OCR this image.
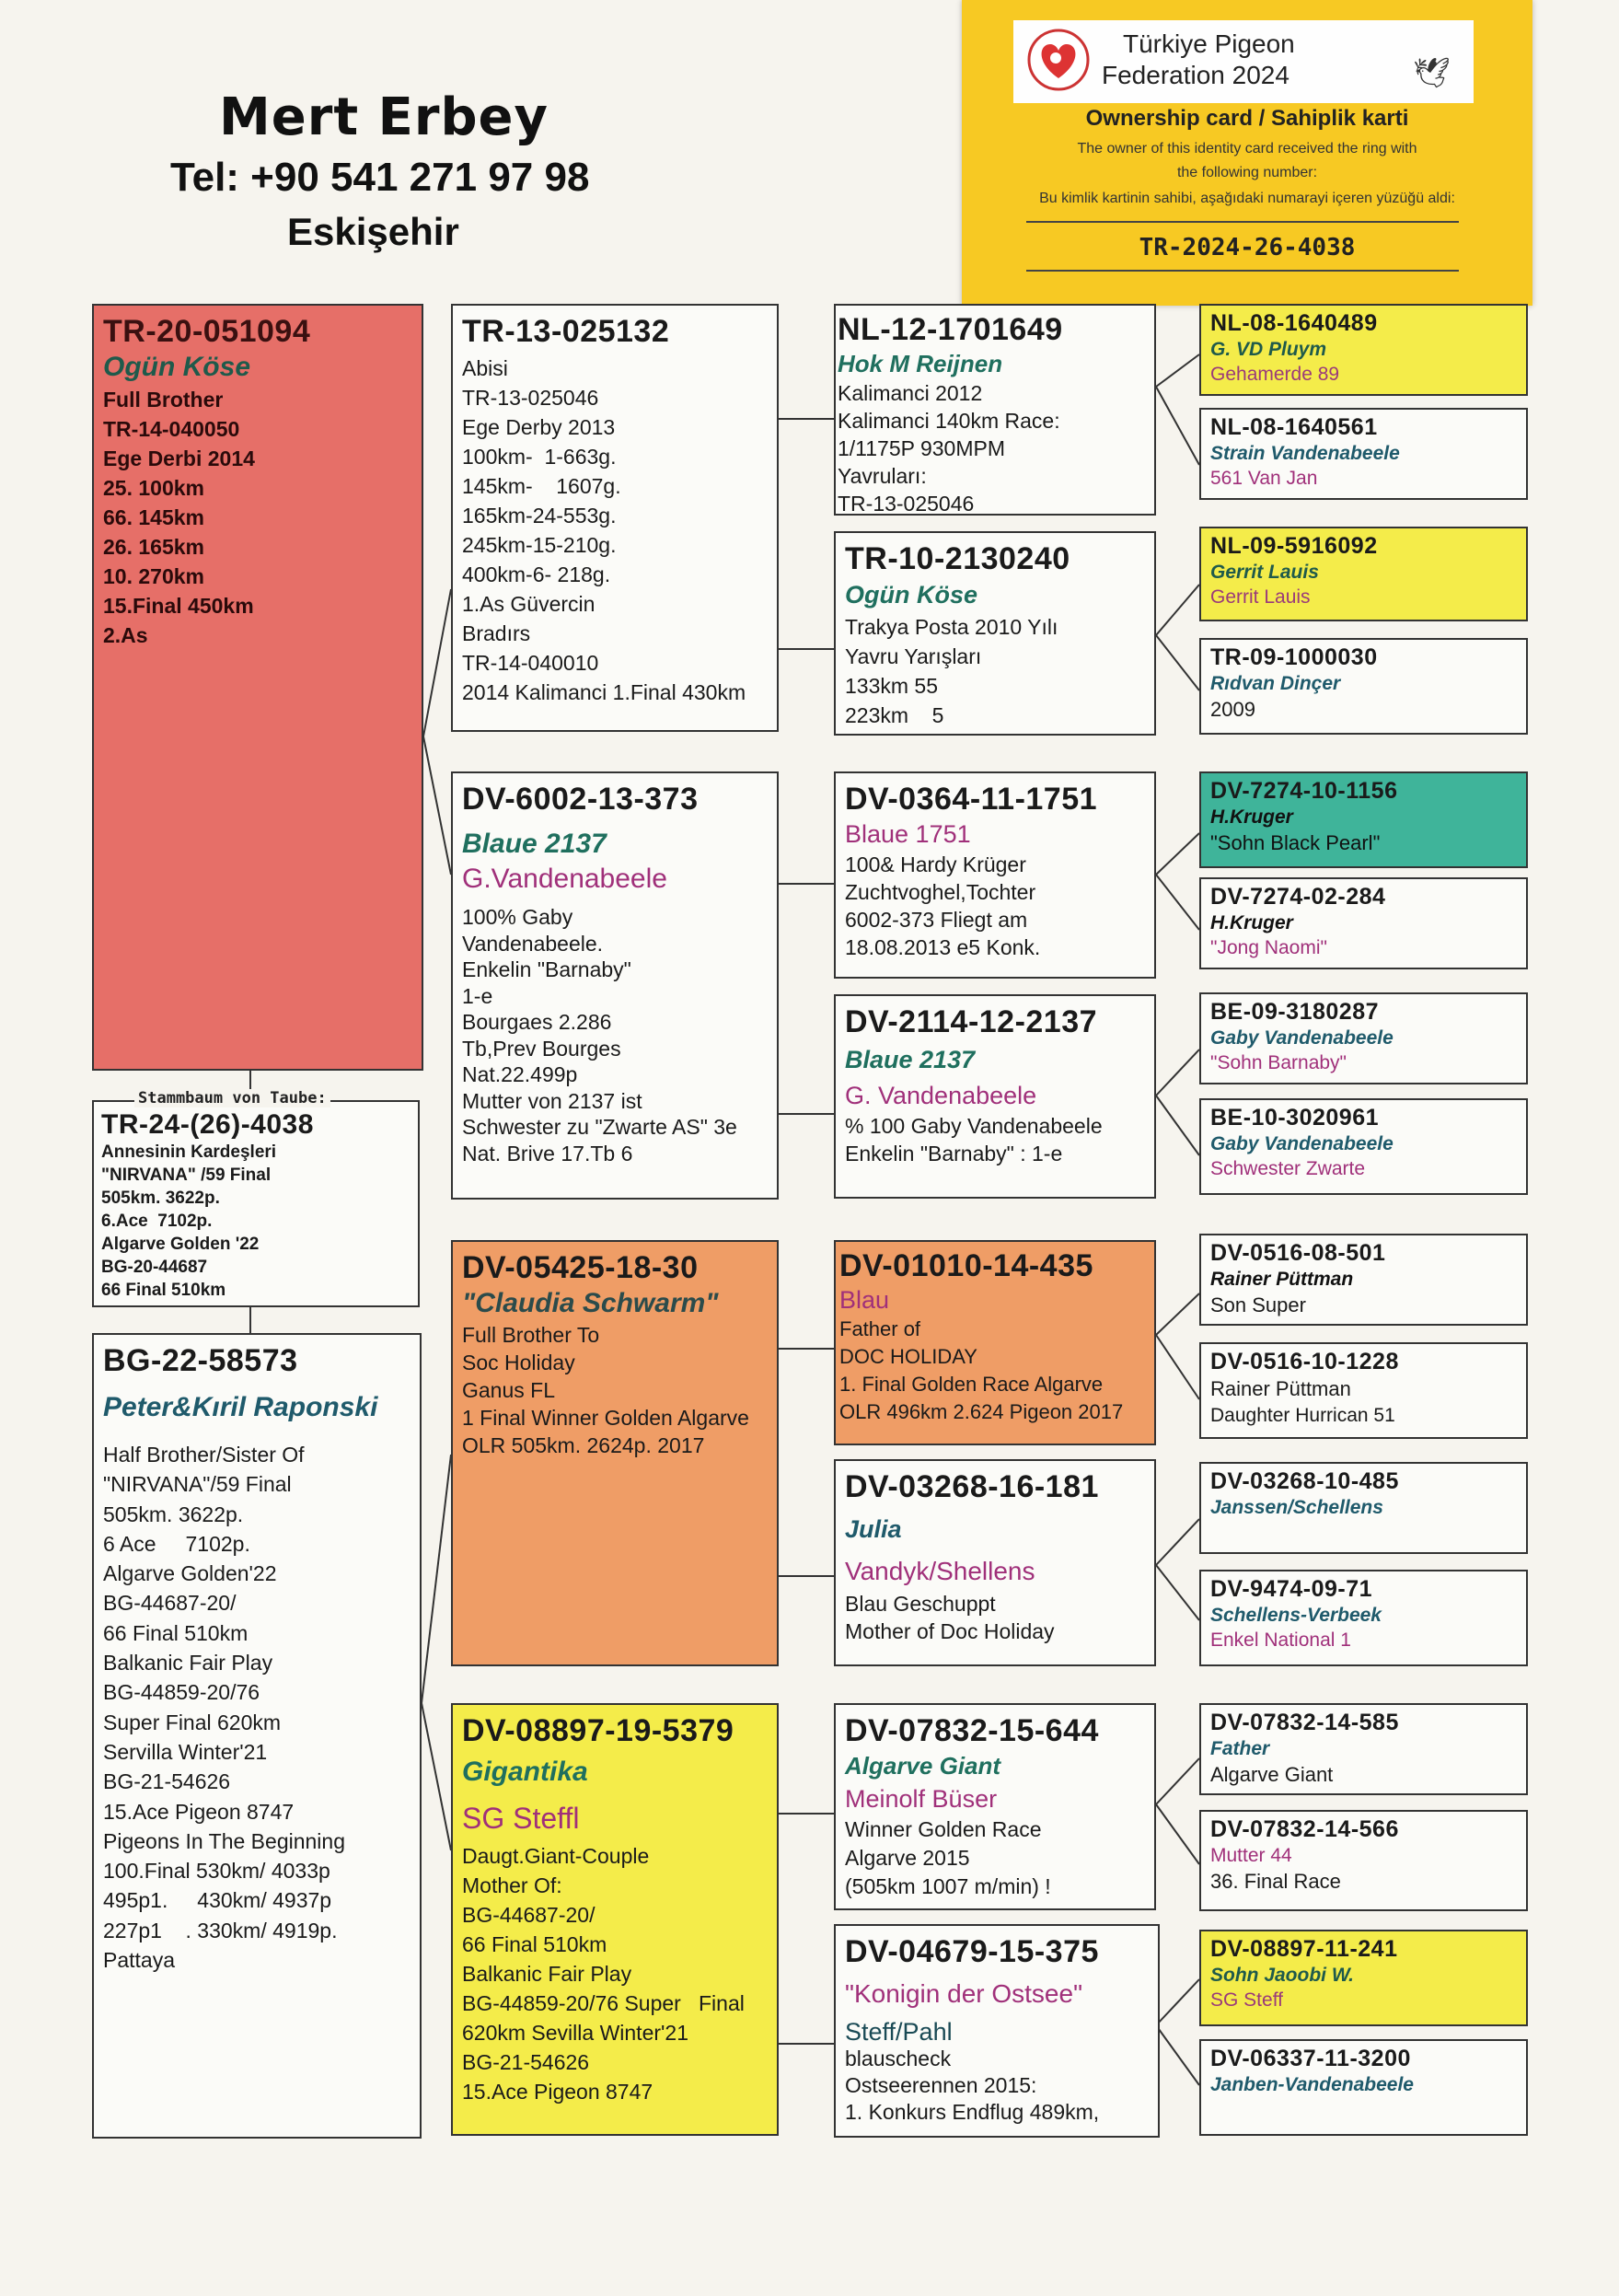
Mert Erbey
Tel: +90 541 271 97 98
Eskişehir
Türkiye Pigeon
Federation 2024	🕊
Ownership card / Sahiplik karti
The owner of this identity card received the ring with
the following number:
Bu kimlik kartinin sahibi, aşağıdaki numarayi içeren yüzüğü aldi:
TR-2024-26-4038
TR-20-051094
Ogün Köse
Full Brother
TR-14-040050
Ege Derbi 2014
25. 100km
66. 145km
26. 165km
10. 270km
15.Final 450km
2.As
TR-24-(26)-4038
Annesinin Kardeşleri
"NIRVANA" /59 Final
505km. 3622p.
6.Ace  7102p.
Algarve Golden '22
BG-20-44687
66 Final 510km
Stammbaum von Taube:
BG-22-58573
Peter&Kıril Raponski
Half Brother/Sister Of
"NIRVANA"/59 Final
505km. 3622p.
6 Ace     7102p.
Algarve Golden'22
BG-44687-20/
66 Final 510km
Balkanic Fair Play
BG-44859-20/76
Super Final 620km
Servilla Winter'21
BG-21-54626
15.Ace Pigeon 8747
Pigeons In The Beginning
100.Final 530km/ 4033p
495p1.     430km/ 4937p
227p1    . 330km/ 4919p.
Pattaya
TR-13-025132
Abisi
TR-13-025046
Ege Derby 2013
100km-  1-663g.
145km-    1607g.
165km-24-553g.
245km-15-210g.
400km-6- 218g.
1.As Güvercin
Bradırs
TR-14-040010
2014 Kalimanci 1.Final 430km
DV-6002-13-373
Blaue 2137
G.Vandenabeele
100% Gaby
Vandenabeele.
Enkelin "Barnaby"
1-e
Bourgaes 2.286
Tb,Prev Bourges
Nat.22.499p
Mutter von 2137 ist
Schwester zu "Zwarte AS" 3e
Nat. Brive 17.Tb 6
DV-05425-18-30
"Claudia Schwarm"
Full Brother To
Soc Holiday
Ganus FL
1 Final Winner Golden Algarve
OLR 505km. 2624p. 2017
DV-08897-19-5379
Gigantika
SG Steffl
Daugt.Giant-Couple
Mother Of:
BG-44687-20/
66 Final 510km
Balkanic Fair Play
BG-44859-20/76 Super   Final
620km Sevilla Winter'21
BG-21-54626
15.Ace Pigeon 8747
NL-12-1701649
Hok M Reijnen
Kalimanci 2012
Kalimanci 140km Race:
1/1175P 930MPM
Yavruları:
TR-13-025046
TR-10-2130240
Ogün Köse
Trakya Posta 2010 Yılı
Yavru Yarışları
133km 55
223km    5
DV-0364-11-1751
Blaue 1751
100& Hardy Krüger
Zuchtvoghel,Tochter
6002-373 Fliegt am
18.08.2013 e5 Konk.
DV-2114-12-2137
Blaue 2137
G. Vandenabeele
% 100 Gaby Vandenabeele
Enkelin "Barnaby" : 1-e
DV-01010-14-435
Blau
Father of
DOC HOLIDAY
1. Final Golden Race Algarve
OLR 496km 2.624 Pigeon 2017
DV-03268-16-181
Julia
Vandyk/Shellens
Blau Geschuppt
Mother of Doc Holiday
DV-07832-15-644
Algarve Giant
Meinolf Büser
Winner Golden Race
Algarve 2015
(505km 1007 m/min) !
DV-04679-15-375
"Konigin der Ostsee"
Steff/Pahl
blauscheck
Ostseerennen 2015:
1. Konkurs Endflug 489km,
NL-08-1640489
G. VD Pluym
Gehamerde 89
NL-08-1640561
Strain Vandenabeele
561 Van Jan
NL-09-5916092
Gerrit Lauis
Gerrit Lauis
TR-09-1000030
Rıdvan Dinçer
2009
DV-7274-10-1156
H.Kruger
"Sohn Black Pearl"
DV-7274-02-284
H.Kruger
"Jong Naomi"
BE-09-3180287
Gaby Vandenabeele
"Sohn Barnaby"
BE-10-3020961
Gaby Vandenabeele
Schwester Zwarte
DV-0516-08-501
Rainer Püttman
Son Super
DV-0516-10-1228
Rainer Püttman
Daughter Hurrican 51
DV-03268-10-485
Janssen/Schellens
DV-9474-09-71
Schellens-Verbeek
Enkel National 1
DV-07832-14-585
Father
Algarve Giant
DV-07832-14-566
Mutter 44
36. Final Race
DV-08897-11-241
Sohn Jaoobi W.
SG Steff
DV-06337-11-3200
Janben-Vandenabeele
